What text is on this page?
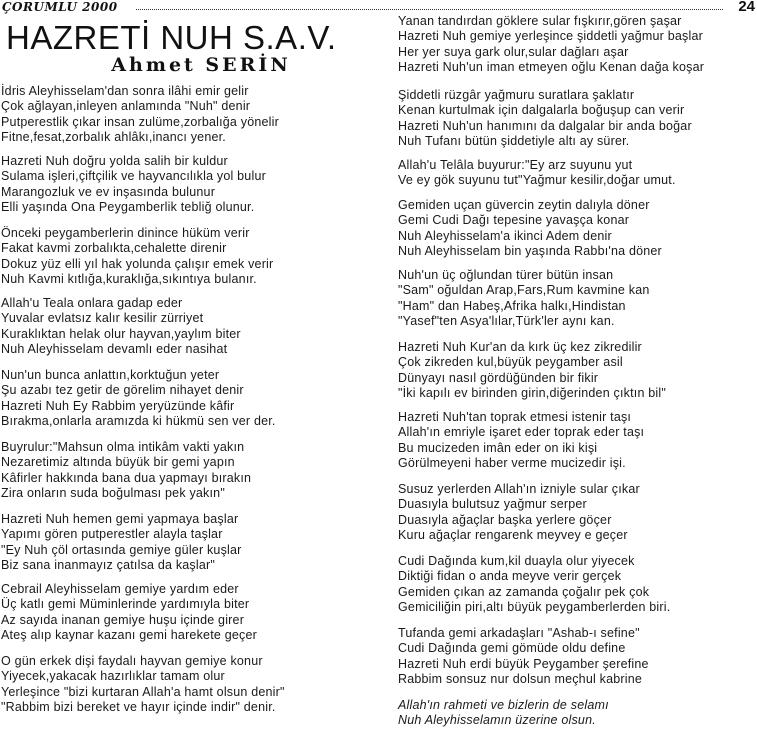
ÇORUMLU 2000	24
HAZRETİ NUH S.A.V.
Ahmet SERİN
İdris Aleyhisselam'dan sonra ilâhi emir gelir
Çok ağlayan,inleyen anlamında "Nuh" denir
Putperestlik çıkar insan zulüme,zorbalığa yönelir
Fitne,fesat,zorbalık ahlâkı,inancı yener.
Hazreti Nuh doğru yolda salih bir kuldur
Sulama işleri,çiftçilik ve hayvancılıkla yol bulur
Marangozluk ve ev inşasında bulunur
Elli yaşında Ona Peygamberlik tebliğ olunur.
Önceki peygamberlerin dinince hüküm verir
Fakat kavmi zorbalıkta,cehalette direnir
Dokuz yüz elli yıl hak yolunda çalışır emek verir
Nuh Kavmi kıtlığa,kuraklığa,sıkıntıya bulanır.
Allah'u Teala onlara gadap eder
Yuvalar evlatsız kalır kesilir zürriyet
Kuraklıktan helak olur hayvan,yaylım biter
Nuh Aleyhisselam devamlı eder nasihat
Nun'un bunca anlattın,korktuğun yeter
Şu azabı tez getir de görelim nihayet denir
Hazreti Nuh Ey Rabbim yeryüzünde kâfir
Bırakma,onlarla aramızda ki hükmü sen ver der.
Buyrulur:"Mahsun olma intikâm vakti yakın
Nezaretimiz altında büyük bir gemi yapın
Kâfirler hakkında bana dua yapmayı bırakın
Zira onların suda boğulması pek yakın"
Hazreti Nuh hemen gemi yapmaya başlar
Yapımı gören putperestler alayla taşlar
"Ey Nuh çöl ortasında gemiye güler kuşlar
Biz sana inanmayız çatılsa da kaşlar"
Cebrail Aleyhisselam gemiye yardım eder
Üç katlı gemi Müminlerinde yardımıyla biter
Az sayıda inanan gemiye huşu içinde girer
Ateş alıp kaynar kazanı gemi harekete geçer
O gün erkek dişi faydalı hayvan gemiye konur
Yiyecek,yakacak hazırlıklar tamam olur
Yerleşince "bizi kurtaran Allah'a hamt olsun denir"
"Rabbim bizi bereket ve hayır içinde indir" denir.
Yanan tandırdan göklere sular fışkırır,gören şaşar
Hazreti Nuh gemiye yerleşince şiddetli yağmur başlar
Her yer suya gark olur,sular dağları aşar
Hazreti Nuh'un iman etmeyen oğlu Kenan dağa koşar
Şiddetli rüzgâr yağmuru suratlara şaklatır
Kenan kurtulmak için dalgalarla boğuşup can verir
Hazreti Nuh'un hanımını da dalgalar bir anda boğar
Nuh Tufanı bütün şiddetiyle altı ay sürer.
Allah'u Telâla buyurur:"Ey arz suyunu yut
Ve ey gök suyunu tut"Yağmur kesilir,doğar umut.
Gemiden uçan güvercin zeytin dalıyla döner
Gemi Cudi Dağı tepesine yavaşça konar
Nuh Aleyhisselam'a ikinci Adem denir
Nuh Aleyhisselam bin yaşında Rabbı'na döner
Nuh'un üç oğlundan türer bütün insan
"Sam" oğuldan Arap,Fars,Rum kavmine kan
"Ham" dan Habeş,Afrika halkı,Hindistan
"Yasef"ten Asya'lılar,Türk'ler aynı kan.
Hazreti Nuh Kur'an da kırk üç kez zikredilir
Çok zikreden kul,büyük peygamber asil
Dünyayı nasıl gördüğünden bir fikir
"İki kapılı ev birinden girin,diğerinden çıktın bil"
Hazreti Nuh'tan toprak etmesi istenir taşı
Allah'ın emriyle işaret eder toprak eder taşı
Bu mucizeden imân eder on iki kişi
Görülmeyeni haber verme mucizedir işi.
Susuz yerlerden Allah'ın izniyle sular çıkar
Duasıyla bulutsuz yağmur serper
Duasıyla ağaçlar başka yerlere göçer
Kuru ağaçlar rengarenk meyvey e geçer
Cudi Dağında kum,kil duayla olur yiyecek
Diktiği fidan o anda meyve verir gerçek
Gemiden çıkan az zamanda çoğalır pek çok
Gemiciliğin piri,altı büyük peygamberlerden biri.
Tufanda gemi arkadaşları "Ashab-ı sefine"
Cudi Dağında gemi gömüde oldu define
Hazreti Nuh erdi büyük Peygamber şerefine
Rabbim sonsuz nur dolsun meçhul kabrine
Allah'ın rahmeti ve bizlerin de selamı
Nuh Aleyhisselamın üzerine olsun.
